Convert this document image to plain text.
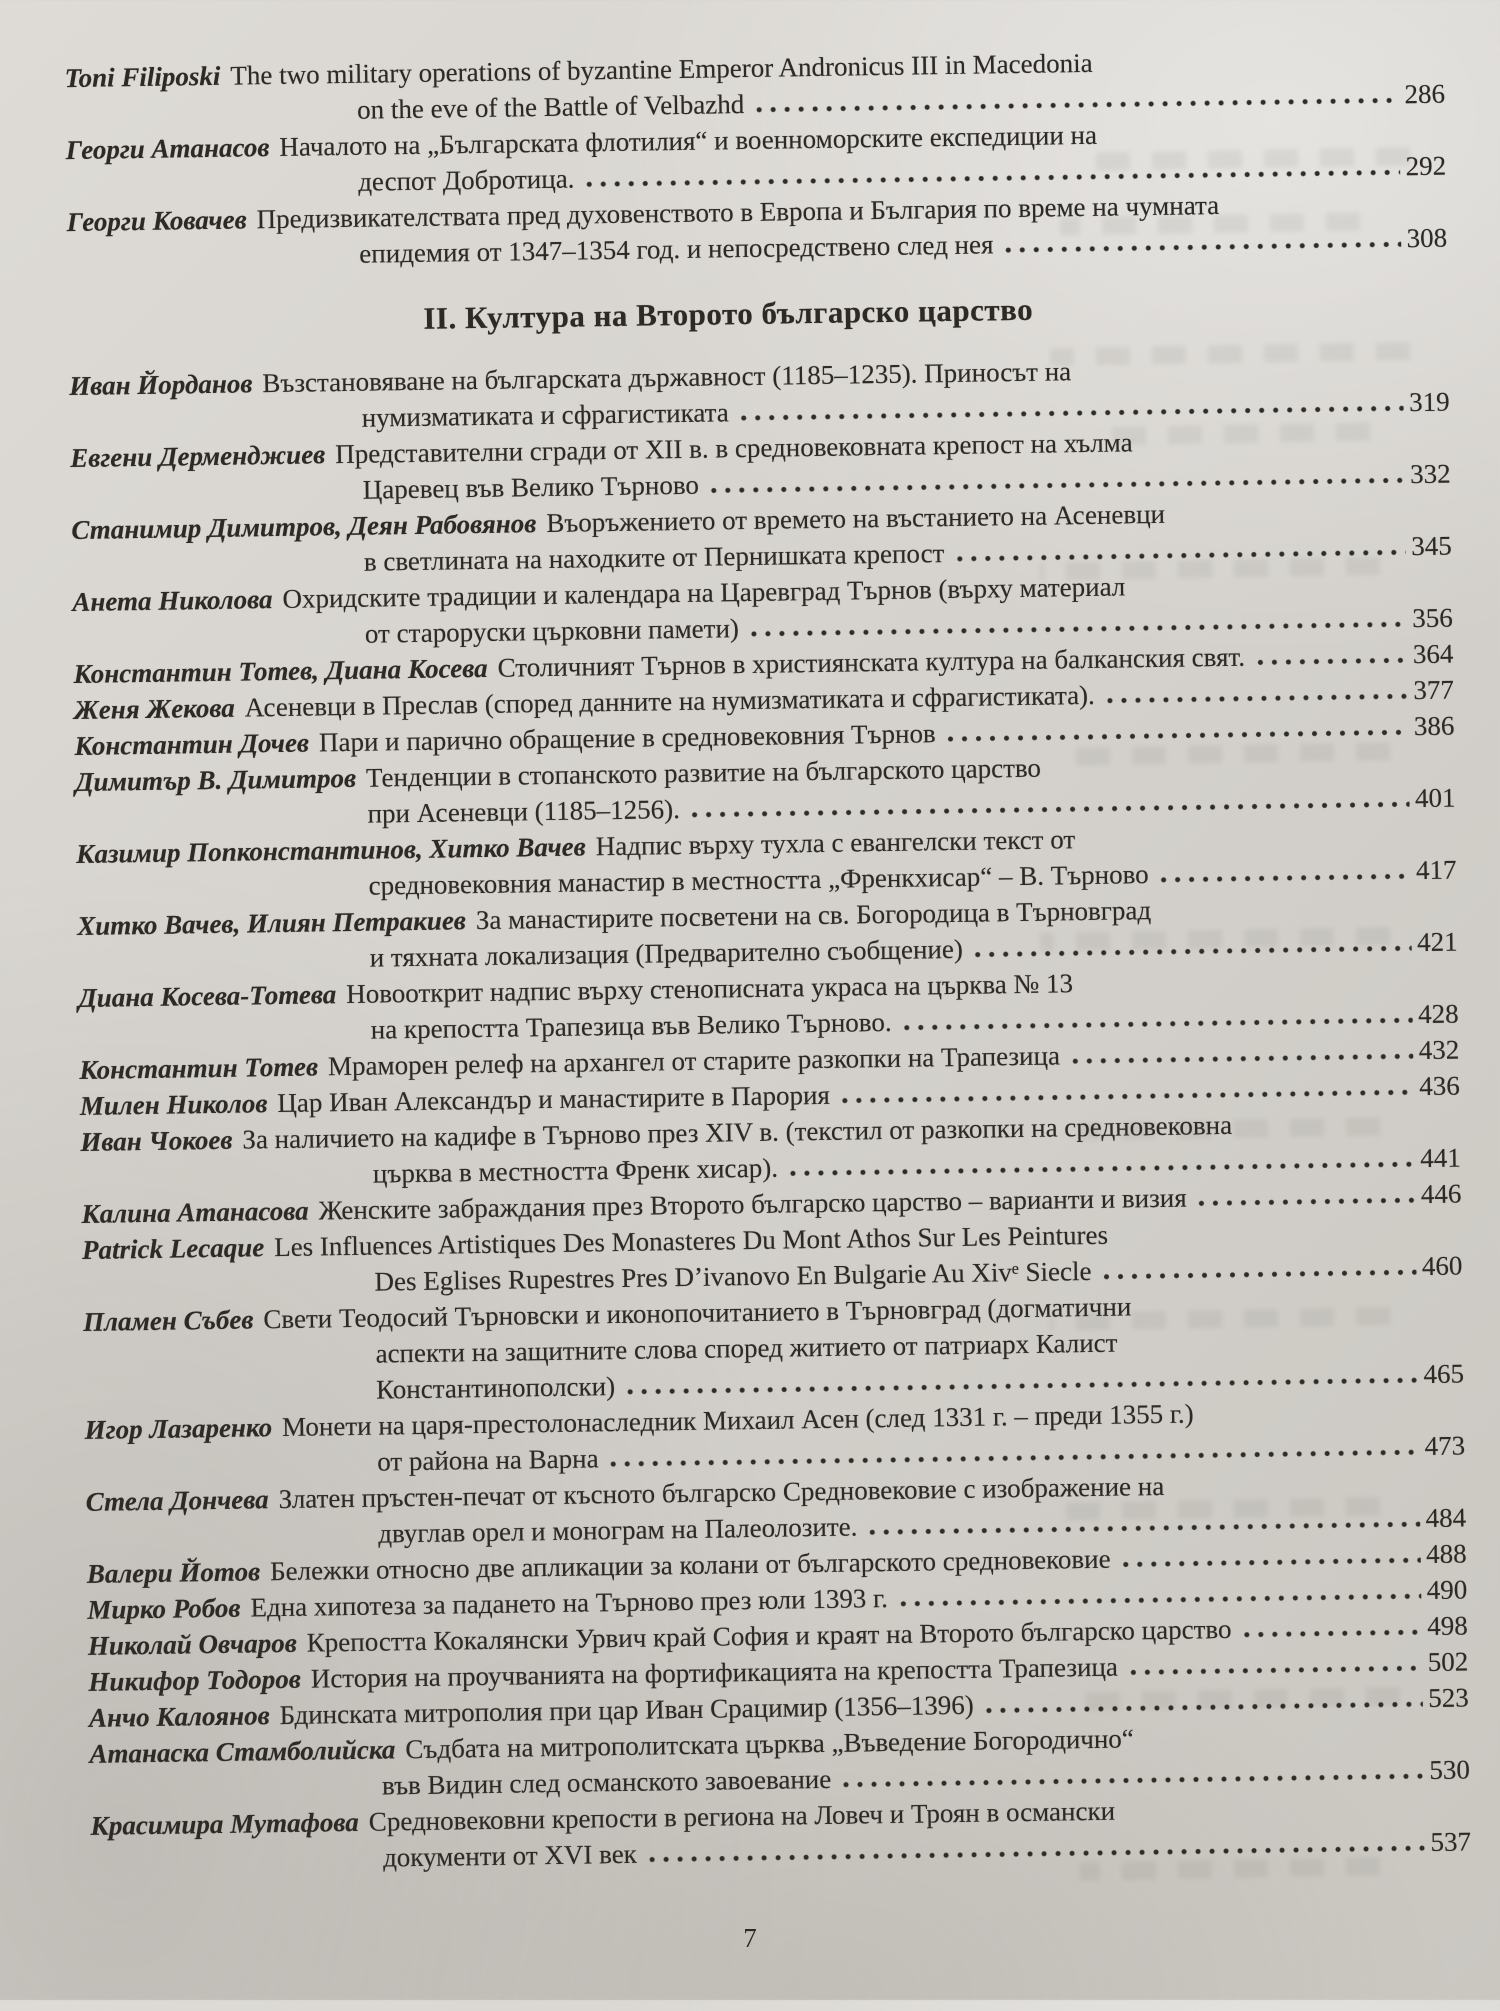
Toni Filiposki The two military operations of byzantine Emperor Andronicus III in Macedonia
on the eve of the Battle of Velbazhd	286
Георги Атанасов Началото на „Българската флотилия“ и военноморските експедиции на
деспот Добротица.	292
Георги Ковачев Предизвикателствата пред духовенството в Европа и България по време на чумната
епидемия от 1347–1354 год. и непосредствено след нея	308
II. Култура на Второто българско царство
Иван Йорданов Възстановяване на българската държавност (1185–1235). Приносът на
нумизматиката и сфрагистиката	319
Евгени Дерменджиев Представителни сгради от XII в. в средновековната крепост на хълма
Царевец във Велико Търново	332
Станимир Димитров, Деян Рабовянов Въоръжението от времето на въстанието на Асеневци
в светлината на находките от Пернишката крепост	345
Анета Николова Охридските традиции и календара на Царевград Търнов (върху материал
от староруски църковни памети)	356
Константин Тотев, Диана Косева Столичният Търнов в християнската култура на балканския свят.	364
Женя Жекова Асеневци в Преслав (според данните на нумизматиката и сфрагистиката).	377
Константин Дочев Пари и парично обращение в средновековния Търнов	386
Димитър В. Димитров Тенденции в стопанското развитие на българското царство
при Асеневци (1185–1256).	401
Казимир Попконстантинов, Хитко Вачев Надпис върху тухла с евангелски текст от
средновековния манастир в местността „Френкхисар“ – В. Търново	417
Хитко Вачев, Илиян Петракиев За манастирите посветени на св. Богородица в Търновград
и тяхната локализация (Предварително съобщение)	421
Диана Косева-Тотева Новооткрит надпис върху стенописната украса на църква № 13
на крепостта Трапезица във Велико Търново.	428
Константин Тотев Мраморен релеф на архангел от старите разкопки на Трапезица	432
Милен Николов Цар Иван Александър и манастирите в Парория	436
Иван Чокоев За наличието на кадифе в Търново през XIV в. (текстил от разкопки на средновековна
църква в местността Френк хисар).	441
Калина Атанасова Женските забраждания през Второто българско царство – варианти и визия	446
Patrick Lecaque Les Influences Artistiques Des Monasteres Du Mont Athos Sur Les Peintures
Des Eglises Rupestres Pres D’ivanovo En Bulgarie Au Xivᵉ Siecle	460
Пламен Събев Свети Теодосий Търновски и иконопочитанието в Търновград (догматични
аспекти на защитните слова според житието от патриарх Калист
Константинополски)	465
Игор Лазаренко Монети на царя-престолонаследник Михаил Асен (след 1331 г. – преди 1355 г.)
от района на Варна	473
Стела Дончева Златен пръстен-печат от късното българско Средновековие с изображение на
двуглав орел и монограм на Палеолозите.	484
Валери Йотов Бележки относно две апликации за колани от българското средновековие	488
Мирко Робов Една хипотеза за падането на Търново през юли 1393 г.	490
Николай Овчаров Крепостта Кокалянски Урвич край София и краят на Второто българско царство	498
Никифор Тодоров История на проучванията на фортификацията на крепостта Трапезица	502
Анчо Калоянов Бдинската митрополия при цар Иван Срацимир (1356–1396)	523
Атанаска Стамболийска Съдбата на митрополитската църква „Въведение Богородично“
във Видин след османското завоевание	530
Красимира Мутафова Средновековни крепости в региона на Ловеч и Троян в османски
документи от XVI век	537
7
